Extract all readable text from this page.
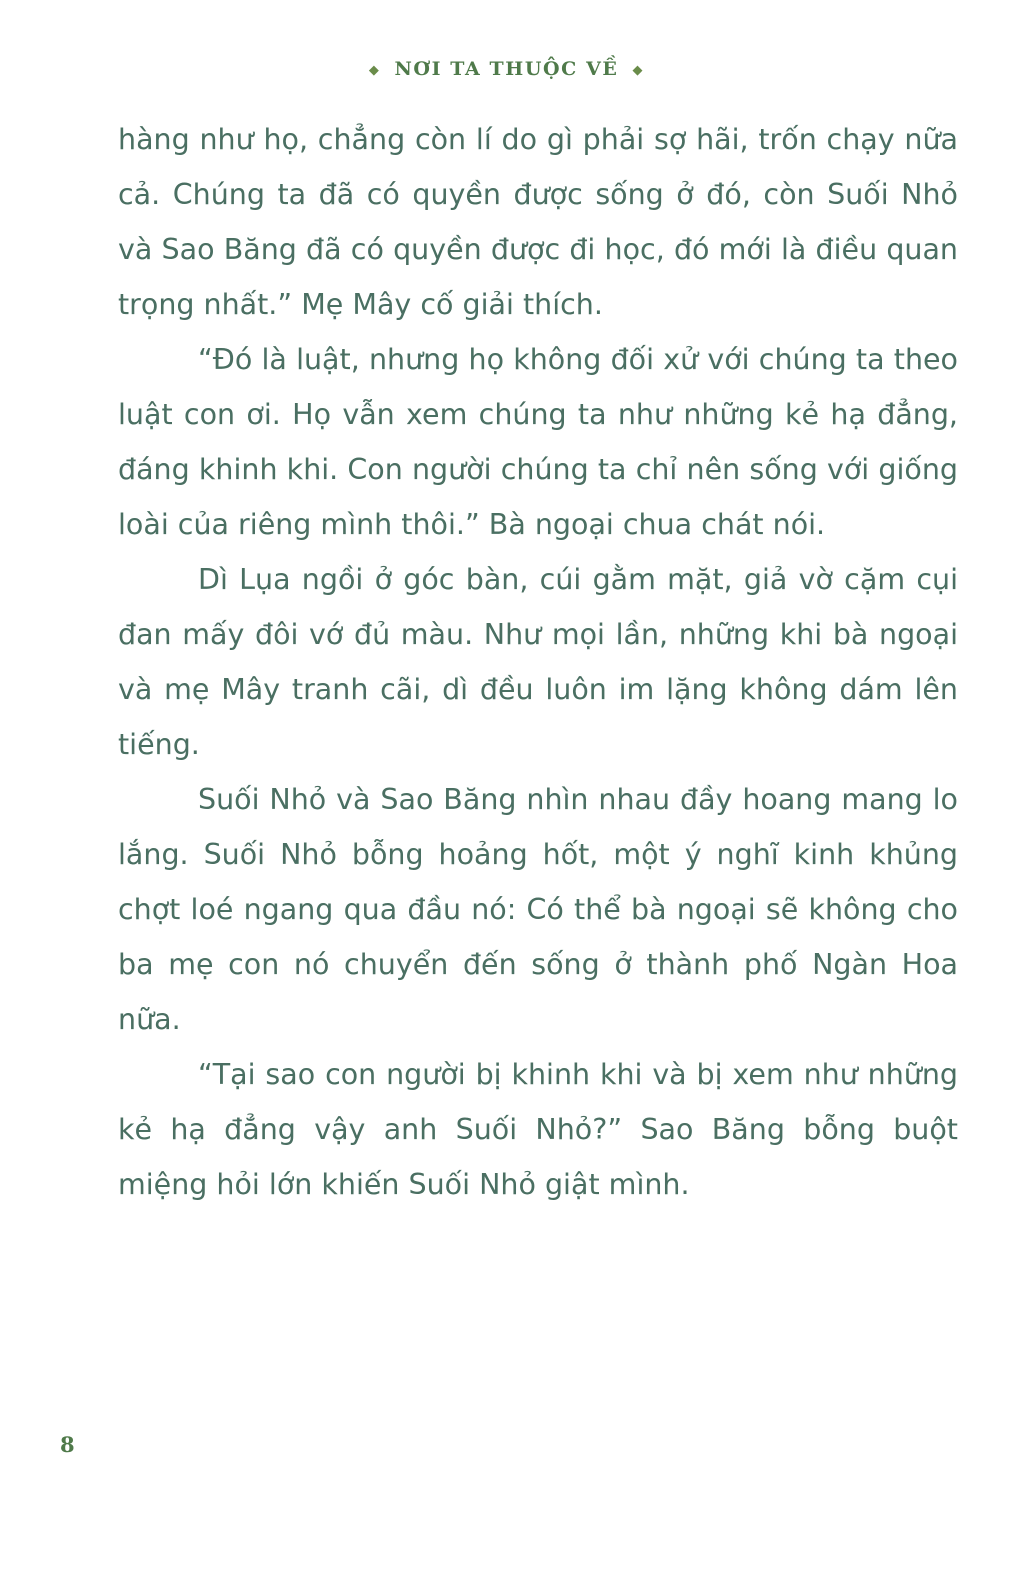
◆ NƠI TA THUỘC VỀ ◆

hàng như họ, chẳng còn lí do gì phải sợ hãi, trốn chạy nữa cả. Chúng ta đã có quyền được sống ở đó, còn Suối Nhỏ và Sao Băng đã có quyền được đi học, đó mới là điều quan trọng nhất.” Mẹ Mây cố giải thích.

“Đó là luật, nhưng họ không đối xử với chúng ta theo luật con ơi. Họ vẫn xem chúng ta như những kẻ hạ đẳng, đáng khinh khi. Con người chúng ta chỉ nên sống với giống loài của riêng mình thôi.” Bà ngoại chua chát nói.

Dì Lụa ngồi ở góc bàn, cúi gằm mặt, giả vờ cặm cụi đan mấy đôi vớ đủ màu. Như mọi lần, những khi bà ngoại và mẹ Mây tranh cãi, dì đều luôn im lặng không dám lên tiếng.

Suối Nhỏ và Sao Băng nhìn nhau đầy hoang mang lo lắng. Suối Nhỏ bỗng hoảng hốt, một ý nghĩ kinh khủng chợt loé ngang qua đầu nó: Có thể bà ngoại sẽ không cho ba mẹ con nó chuyển đến sống ở thành phố Ngàn Hoa nữa.

“Tại sao con người bị khinh khi và bị xem như những kẻ hạ đẳng vậy anh Suối Nhỏ?” Sao Băng bỗng buột miệng hỏi lớn khiến Suối Nhỏ giật mình.

8
